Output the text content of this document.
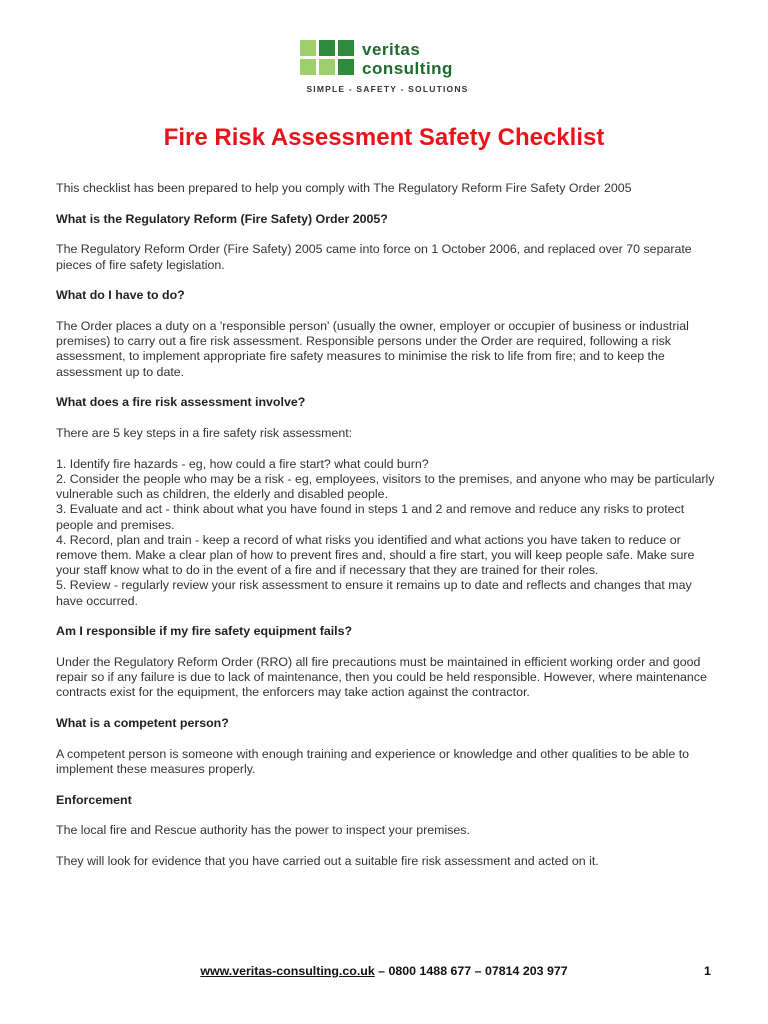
veritas
consulting
SIMPLE - SAFETY - SOLUTIONS
Fire Risk Assessment Safety Checklist

This checklist has been prepared to help you comply with The Regulatory Reform Fire Safety Order 2005

What is the Regulatory Reform (Fire Safety) Order 2005?

The Regulatory Reform Order (Fire Safety) 2005 came into force on 1 October 2006, and replaced over 70 separate pieces of fire safety legislation.

What do I have to do?

The Order places a duty on a 'responsible person' (usually the owner, employer or occupier of business or industrial premises) to carry out a fire risk assessment. Responsible persons under the Order are required, following a risk assessment, to implement appropriate fire safety measures to minimise the risk to life from fire; and to keep the assessment up to date.

What does a fire risk assessment involve?

There are 5 key steps in a fire safety risk assessment:

1. Identify fire hazards - eg, how could a fire start? what could burn?

2. Consider the people who may be a risk - eg, employees, visitors to the premises, and anyone who may be particularly vulnerable such as children, the elderly and disabled people.

3. Evaluate and act - think about what you have found in steps 1 and 2 and remove and reduce any risks to protect people and premises.

4. Record, plan and train - keep a record of what risks you identified and what actions you have taken to reduce or remove them. Make a clear plan of how to prevent fires and, should a fire start, you will keep people safe. Make sure your staff know what to do in the event of a fire and if necessary that they are trained for their roles.

5. Review - regularly review your risk assessment to ensure it remains up to date and reflects and changes that may have occurred.

Am I responsible if my fire safety equipment fails?

Under the Regulatory Reform Order (RRO) all fire precautions must be maintained in efficient working order and good repair so if any failure is due to lack of maintenance, then you could be held responsible. However, where maintenance contracts exist for the equipment, the enforcers may take action against the contractor.

What is a competent person?

A competent person is someone with enough training and experience or knowledge and other qualities to be able to implement these measures properly.

Enforcement

The local fire and Rescue authority has the power to inspect your premises.

They will look for evidence that you have carried out a suitable fire risk assessment and acted on it.

www.veritas-consulting.co.uk – 0800 1488 677 – 07814 203 977	1
